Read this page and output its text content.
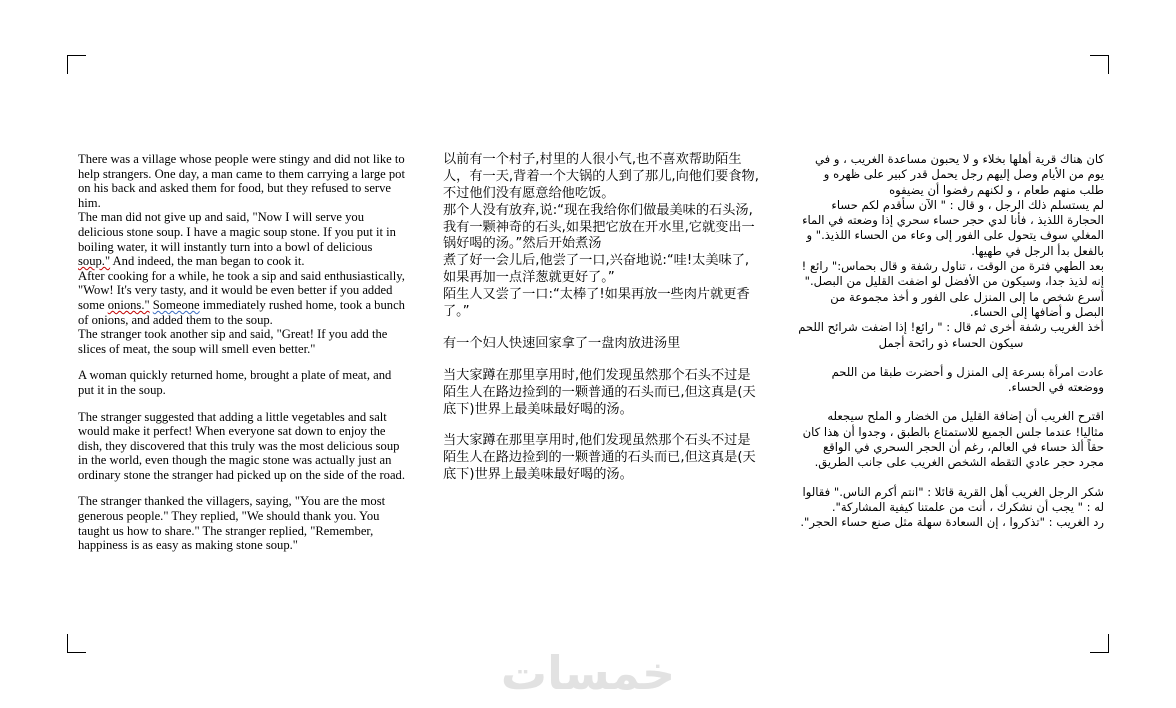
There was a village whose people were stingy and did not like to help strangers. One day, a man came to them carrying a large pot on his back and asked them for food, but they refused to serve him.

The man did not give up and said, "Now I will serve you delicious stone soup. I have a magic soup stone. If you put it in boiling water, it will instantly turn into a bowl of delicious soup." And indeed, the man began to cook it.

After cooking for a while, he took a sip and said enthusiastically, "Wow! It's very tasty, and it would be even better if you added some onions." Someone immediately rushed home, took a bunch of onions, and added them to the soup.

The stranger took another sip and said, "Great! If you add the slices of meat, the soup will smell even better."

A woman quickly returned home, brought a plate of meat, and put it in the soup.

The stranger suggested that adding a little vegetables and salt would make it perfect! When everyone sat down to enjoy the dish, they discovered that this truly was the most delicious soup in the world, even though the magic stone was actually just an ordinary stone the stranger had picked up on the side of the road.

The stranger thanked the villagers, saying, "You are the most generous people." They replied, "We should thank you. You taught us how to share." The stranger replied, "Remember, happiness is as easy as making stone soup."

以前有一个村子,村里的人很小气,也不喜欢帮助陌生人，有一天,背着一个大锅的人到了那儿,向他们要食物,不过他们没有愿意给他吃饭。

那个人没有放弃,说:“现在我给你们做最美味的石头汤,我有一颗神奇的石头,如果把它放在开水里,它就变出一锅好喝的汤。”然后开始煮汤

煮了好一会儿后,他尝了一口,兴奋地说:“哇!太美味了,如果再加一点洋葱就更好了。”

陌生人又尝了一口:“太棒了!如果再放一些肉片就更香了。”

有一个妇人快速回家拿了一盘肉放进汤里

当大家蹲在那里享用时,他们发现虽然那个石头不过是陌生人在路边捡到的一颗普通的石头而已,但这真是(天底下)世界上最美味最好喝的汤。

当大家蹲在那里享用时,他们发现虽然那个石头不过是陌生人在路边捡到的一颗普通的石头而已,但这真是(天底下)世界上最美味最好喝的汤。

كان هناك قرية أهلها بخلاء و لا يحبون مساعدة الغريب ، و في يوم من الأيام وصل إليهم رجل يحمل قدر كبير على ظهره و طلب منهم طعام ، و لكنهم رفضوا أن يضيفوه

لم يستسلم ذلك الرجل ، و قال : " الآن سأقدم لكم حساء الحجارة اللذيذ ، فأنا لدي حجر حساء سحري إذا وضعته في الماء المغلي سوف يتحول على الفور إلى وعاء من الحساء اللذيذ." و بالفعل بدأ الرجل في طهيها.

بعد الطهي فترة من الوقت ، تناول رشفة و قال بحماس:" رائع ! إنه لذيذ جدا، وسيكون من الأفضل لو اضفت القليل من البصل."

أسرع شخص ما إلى المنزل على الفور و أخذ مجموعة من البصل و أضافها إلى الحساء.

أخذ الغريب رشفة أخرى ثم قال : " رائع! إذا اضفت شرائح اللحم سيكون الحساء ذو رائحة أجمل

عادت امرأة بسرعة إلى المنزل و أحضرت طبقا من اللحم ووضعته في الحساء.

اقترح الغريب أن إضافة القليل من الخضار و الملح سيجعله مثاليا! عندما جلس الجميع للاستمتاع بالطبق ، وجدوا أن هذا كان حقاً ألذ حساء في العالم، رغم أن الحجر السحري في الواقع مجرد حجر عادي التقطه الشخص الغريب على جانب الطريق.

شكر الرجل الغريب أهل القرية قائلا : "انتم أكرم الناس." فقالوا له : " يجب أن نشكرك ، أنت من علمتنا كيفية المشاركة".

رد الغريب : "تذكروا ، إن السعادة سهلة مثل صنع حساء الحجر".

خمسات
